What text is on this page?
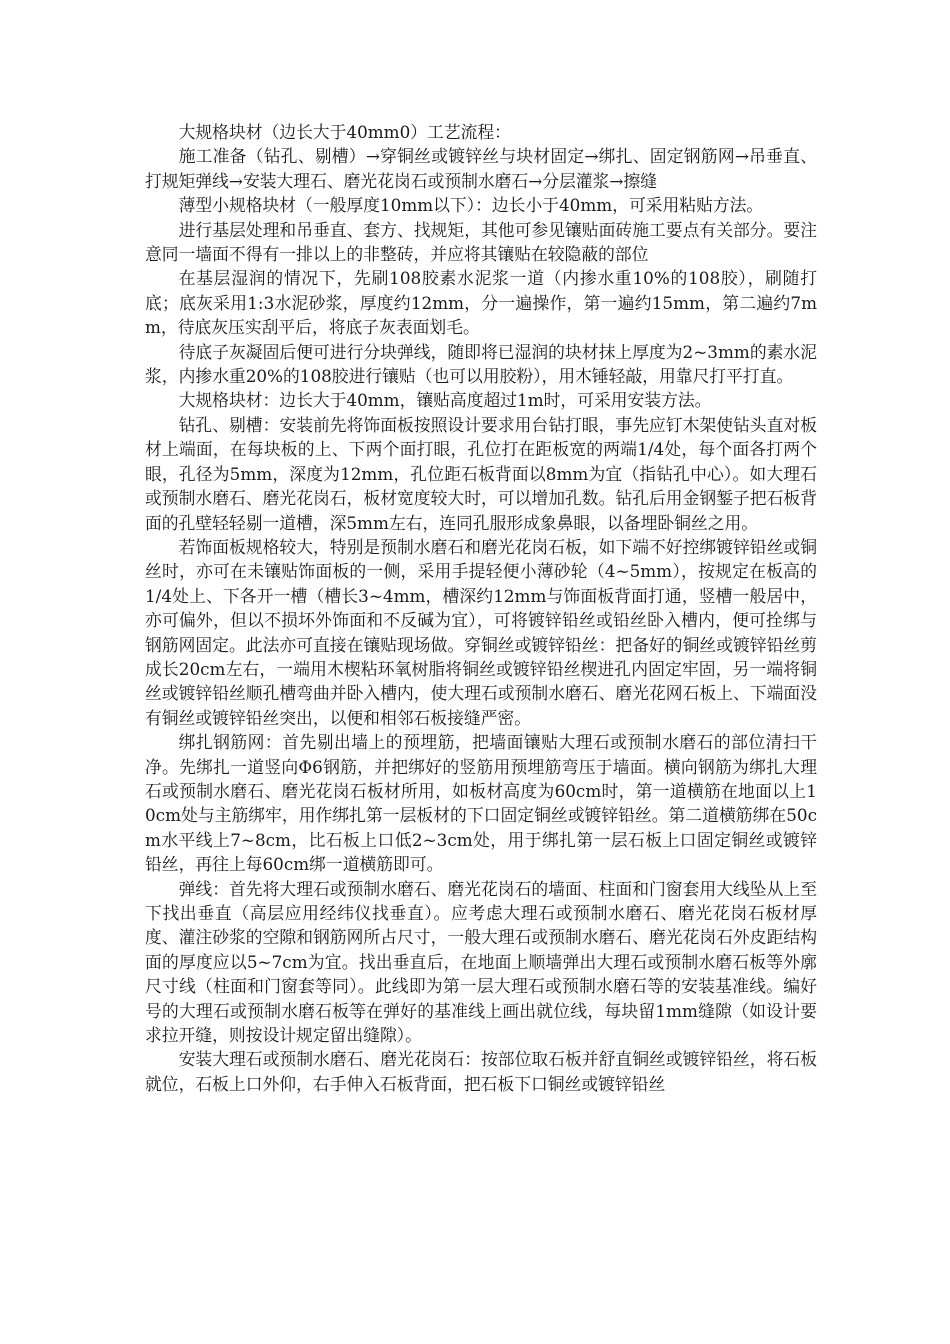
大规格块材（边长大于40mm0）工艺流程：

施工准备（钻孔、剔槽）→穿铜丝或镀锌丝与块材固定→绑扎、固定钢筋网→吊垂直、打规矩弹线→安装大理石、磨光花岗石或预制水磨石→分层灌浆→擦缝

薄型小规格块材（一般厚度10mm以下）：边长小于40mm，可采用粘贴方法。

进行基层处理和吊垂直、套方、找规矩，其他可参见镶贴面砖施工要点有关部分。要注意同一墙面不得有一排以上的非整砖，并应将其镶贴在较隐蔽的部位

在基层湿润的情况下，先刷108胶素水泥浆一道（内掺水重10%的108胶），刷随打底；底灰采用1:3水泥砂浆，厚度约12mm，分一遍操作，第一遍约15mm，第二遍约7mm，待底灰压实刮平后，将底子灰表面划毛。

待底子灰凝固后便可进行分块弹线，随即将已湿润的块材抹上厚度为2~3mm的素水泥浆，内掺水重20%的108胶进行镶贴（也可以用胶粉），用木锤轻敲，用靠尺打平打直。

大规格块材：边长大于40mm，镶贴高度超过1m时，可采用安装方法。

钻孔、剔槽：安装前先将饰面板按照设计要求用台钻打眼，事先应钉木架使钻头直对板材上端面，在每块板的上、下两个面打眼，孔位打在距板宽的两端1/4处，每个面各打两个眼，孔径为5mm，深度为12mm，孔位距石板背面以8mm为宜（指钻孔中心）。如大理石或预制水磨石、磨光花岗石，板材宽度较大时，可以增加孔数。钻孔后用金钢錾子把石板背面的孔壁轻轻剔一道槽，深5mm左右，连同孔服形成象鼻眼，以备埋卧铜丝之用。

若饰面板规格较大，特别是预制水磨石和磨光花岗石板，如下端不好控绑镀锌铅丝或铜丝时，亦可在未镶贴饰面板的一侧，采用手提轻便小薄砂轮（4~5mm），按规定在板高的1/4处上、下各开一槽（槽长3~4mm，槽深约12mm与饰面板背面打通，竖槽一般居中，亦可偏外，但以不损坏外饰面和不反碱为宜），可将镀锌铅丝或铅丝卧入槽内，便可拴绑与钢筋网固定。此法亦可直接在镶贴现场做。穿铜丝或镀锌铅丝：把备好的铜丝或镀锌铅丝剪成长20cm左右，一端用木楔粘环氧树脂将铜丝或镀锌铅丝楔进孔内固定牢固，另一端将铜丝或镀锌铅丝顺孔槽弯曲并卧入槽内，使大理石或预制水磨石、磨光花网石板上、下端面没有铜丝或镀锌铅丝突出，以便和相邻石板接缝严密。

绑扎钢筋网：首先剔出墙上的预埋筋，把墙面镶贴大理石或预制水磨石的部位清扫干净。先绑扎一道竖向Φ6钢筋，并把绑好的竖筋用预埋筋弯压于墙面。横向钢筋为绑扎大理石或预制水磨石、磨光花岗石板材所用，如板材高度为60cm时，第一道横筋在地面以上10cm处与主筋绑牢，用作绑扎第一层板材的下口固定铜丝或镀锌铅丝。第二道横筋绑在50cm水平线上7~8cm，比石板上口低2~3cm处，用于绑扎第一层石板上口固定铜丝或镀锌铅丝，再往上每60cm绑一道横筋即可。

弹线：首先将大理石或预制水磨石、磨光花岗石的墙面、柱面和门窗套用大线坠从上至下找出垂直（高层应用经纬仪找垂直）。应考虑大理石或预制水磨石、磨光花岗石板材厚度、灌注砂浆的空隙和钢筋网所占尺寸，一般大理石或预制水磨石、磨光花岗石外皮距结构面的厚度应以5~7cm为宜。找出垂直后，在地面上顺墙弹出大理石或预制水磨石板等外廓尺寸线（柱面和门窗套等同）。此线即为第一层大理石或预制水磨石等的安装基准线。编好号的大理石或预制水磨石板等在弹好的基准线上画出就位线，每块留1mm缝隙（如设计要求拉开缝，则按设计规定留出缝隙）。

安装大理石或预制水磨石、磨光花岗石：按部位取石板并舒直铜丝或镀锌铅丝，将石板就位，石板上口外仰，右手伸入石板背面，把石板下口铜丝或镀锌铅丝
